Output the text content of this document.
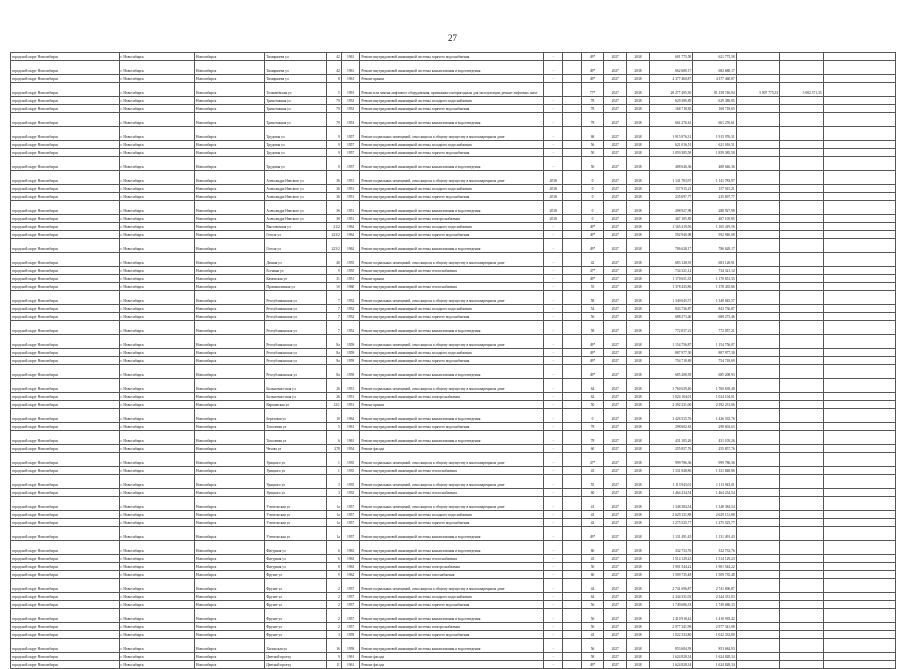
27
городской округ Новосибирск	г. Новосибирск	Новосибирск	Тимирязева ул	42	1961	Ремонт внутридомовой инженерной системы горячего водоснабжения	-		49*	2027	2038	601 775,58	621 775,58			
городской округ Новосибирск	г. Новосибирск	Новосибирск	Тимирязева ул	42	1961	Ремонт внутридомовой инженерной системы канализования и водоотведения	-		49*	2027	2038	662 680,17	682 680,17			
городской округ Новосибирск	г. Новосибирск	Новосибирск	Тимирязева ул	8	1961	Ремонт крыши	-		49*	2027	2038	4 377 460,87	4 377 460,87			
городской округ Новосибирск	г. Новосибирск	Новосибирск	Толмачёвская ул	5	1991	Ремонт или замена лифтового оборудования, признанного непригодным для эксплуатации, ремонт лифтовых шахт			77*	2027	2038	20 277 495,30	81 158 746,94	5 807 775,53	5 082 371,33	
городской округ Новосибирск	г. Новосибирск	Новосибирск	Трикотажная ул	79	1953	Ремонт внутридомовой инженерной системы холодного водоснабжения	-		78	2027	2038	629 380,85	629 380,85			
городской округ Новосибирск	г. Новосибирск	Новосибирск	Трикотажная ул	79	1953	Ремонт внутридомовой инженерной системы горячего водоснабжения	-		78	2027	2038	168 718,65	168 718,65			
городской округ Новосибирск	г. Новосибирск	Новосибирск	Трикотажная ул	79	1953	Ремонт внутридомовой инженерной системы канализования и водоотведения	-		78	2027	2038	661 276,61	661 276,61			
городской округ Новосибирск	г. Новосибирск	Новосибирск	Трудовая ул	9	1957	Ремонт подвальных помещений, относящихся к общему имуществу в многоквартирном доме	-		68	2027	2038	1 915 976,31	1 915 976,31			
городской округ Новосибирск	г. Новосибирск	Новосибирск	Трудовая ул	9	1957	Ремонт внутридомовой инженерной системы холодного водоснабжения	-		56	2027	2038	621 016,51	621 016,51			
городской округ Новосибирск	г. Новосибирск	Новосибирск	Трудовая ул	9	1957	Ремонт внутридомовой инженерной системы горячего водоснабжения	-		50	2027	2038	1 859 385,58	1 859 385,58			
городской округ Новосибирск	г. Новосибирск	Новосибирск	Трудовая ул	9	1957	Ремонт внутридомовой инженерной системы канализования и водоотведения	-		50	2027	2038	488 646,36	488 646,36			
городской округ Новосибирск	г. Новосибирск	Новосибирск	Александра Невского ул	36	1951	Ремонт подвальных помещений, относящихся к общему имуществу в многоквартирном доме	2018		0	2027	2038	1 141 783,97	1 141 783,97			
городской округ Новосибирск	г. Новосибирск	Новосибирск	Александра Невского ул	36	1951	Ремонт внутридомовой инженерной системы холодного водоснабжения	2018		0	2027	2038	157 915,21	157 915,21			
городской округ Новосибирск	г. Новосибирск	Новосибирск	Александра Невского ул	36	1951	Ремонт внутридомовой инженерной системы горячего водоснабжения	2018		0	2027	2038	235 697,77	235 697,77			
городской округ Новосибирск	г. Новосибирск	Новосибирск	Александра Невского ул	36	1951	Ремонт внутридомовой инженерной системы канализования и водоотведения	2018		0	2027	2038	288 927,98	288 927,98			
городской округ Новосибирск	г. Новосибирск	Новосибирск	Александра Невского ул	38	1951	Ремонт внутридомовой инженерной системы электроснабжения	2018		0	2027	2038	467 105,85	467 105,85			
городской округ Новосибирск	г. Новосибирск	Новосибирск	Выставочная ул	21/2	1962	Ремонт внутридомовой инженерной системы холодного водоснабжения	-		49*	2027	2038	1 165 419,56	1 165 419,56			
городской округ Новосибирск	г. Новосибирск	Новосибирск	Гоголя ул	223/2	1962	Ремонт внутридомовой инженерной системы горячего водоснабжения	-		49*	2027	2038	592 940,08	592 940,08			
городской округ Новосибирск	г. Новосибирск	Новосибирск	Гоголя ул	223/2	1962	Ремонт внутридомовой инженерной системы канализования и водоотведения	-		49*	2027	2038	786 628,17	786 628,17			
городской округ Новосибирск	г. Новосибирск	Новосибирск	Дачная ул	40	1955	Ремонт подвальных помещений, относящихся к общему имуществу в многоквартирном доме	-		42	2027	2038	683 128,91	683 128,91			
городской округ Новосибирск	г. Новосибирск	Новосибирск	Есенина ул	9	1955	Ремонт внутридомовой инженерной системы теплоснабжения	-		47*	2027	2038	734 321,12	734 321,12			
городской округ Новосибирск	г. Новосибирск	Новосибирск	Каменская ул	31	1951	Ремонт крыши	-		49*	2027	2038	1 170 651,35	1 170 651,35			
городской округ Новосибирск	г. Новосибирск	Новосибирск	Промышленная ул	1б	1960	Ремонт внутридомовой инженерной системы теплоснабжения	-		55	2027	2038	1 378 435,86	1 378 435,86			
городской округ Новосибирск	г. Новосибирск	Новосибирск	Республиканская ул	7	1952	Ремонт подвальных помещений, относящихся к общему имуществу в многоквартирном доме	-		58	2027	2038	1 340 045,57	1 340 045,57			
городской округ Новосибирск	г. Новосибирск	Новосибирск	Республиканская ул	7	1952	Ремонт внутридомовой инженерной системы холодного водоснабжения	-		54	2027	2038	843 736,87	843 736,87			
городской округ Новосибирск	г. Новосибирск	Новосибирск	Республиканская ул	7	1952	Ремонт внутридомовой инженерной системы горячего водоснабжения	-		56	2027	2038	688 273,46	688 273,46			
городской округ Новосибирск	г. Новосибирск	Новосибирск	Республиканская ул	7	1952	Ремонт внутридомовой инженерной системы канализования и водоотведения	-		58	2027	2038	772 057,21	772 057,21			
городской округ Новосибирск	г. Новосибирск	Новосибирск	Республиканская ул	8а	1959	Ремонт подвальных помещений, относящихся к общему имуществу в многоквартирном доме	-		49*	2027	2038	1 154 756,87	1 154 756,87			
городской округ Новосибирск	г. Новосибирск	Новосибирск	Республиканская ул	8а	1959	Ремонт внутридомовой инженерной системы холодного водоснабжения	-		49*	2027	2038	887 977,30	887 977,30			
городской округ Новосибирск	г. Новосибирск	Новосибирск	Республиканская ул	8а	1959	Ремонт внутридомовой инженерной системы горячего водоснабжения	-		49*	2027	2038	754 718,69	754 718,69			
городской округ Новосибирск	г. Новосибирск	Новосибирск	Республиканская ул	8а	1959	Ремонт внутридомовой инженерной системы канализования и водоотведения	-		49*	2027	2038	685 208,93	685 208,93			
городской округ Новосибирск	г. Новосибирск	Новосибирск	Большевистская ул	26	1951	Ремонт подвальных помещений, относящихся к общему имуществу в многоквартирном доме	-		64	2027	2038	1 760 639,40	1 760 639,40			
городской округ Новосибирск	г. Новосибирск	Новосибирск	Большевистская ул	26	1951	Ремонт внутридомовой инженерной системы электроснабжения	-		62	2027	2038	1 024 104,01	1 024 104,01			
городской округ Новосибирск	г. Новосибирск	Новосибирск	Варшавская ул	12/1	1951	Ремонт крыши	-		50	2027	2038	2 392 231,06	2 392 231,06			
городской округ Новосибирск	г. Новосибирск	Новосибирск	Березовая ул	10	1962	Ремонт внутридомовой инженерной системы канализования и водоотведения	-		0	2027	2038	1 426 535,76	1 426 535,76			
городской округ Новосибирск	г. Новосибирск	Новосибирск	Тополевая ул	5	1961	Ремонт внутридомовой инженерной системы горячего водоснабжения	-		78	2027	2038	298 602,63	298 602,63			
городской округ Новосибирск	г. Новосибирск	Новосибирск	Тополевая ул	6	1961	Ремонт внутридомовой инженерной системы канализования и водоотведения	-		78	2027	2038	431 105,26	431 105,26			
городской округ Новосибирск	г. Новосибирск	Новосибирск	Чехова ул	278	1954	Ремонт фасада	-		60	2027	2038	255 857,76	255 857,76			
городской округ Новосибирск	г. Новосибирск	Новосибирск	Урицкого ул	1	1935	Ремонт подвальных помещений, относящихся к общему имуществу в многоквартирном доме	-		47*	2027	2038	999 786,36	999 786,36			
городской округ Новосибирск	г. Новосибирск	Новосибирск	Урицкого ул	1	1935	Ремонт внутридомовой инженерной системы теплоснабжения	-		43	2027	2038	1 331 848,86	1 331 848,86			
городской округ Новосибирск	г. Новосибирск	Новосибирск	Урицкого ул	3	1935	Ремонт подвальных помещений, относящихся к общему имуществу в многоквартирном доме	-		55	2027	2038	1 113 943,01	1 113 943,01			
городской округ Новосибирск	г. Новосибирск	Новосибирск	Урицкого ул	3	1935	Ремонт внутридомовой инженерной системы теплоснабжения	-		60	2027	2038	1 464 234,54	1 464 234,54			
городской округ Новосибирск	г. Новосибирск	Новосибирск	Учительская ул	1а	1957	Ремонт подвальных помещений, относящихся к общему имуществу в многоквартирном доме	-		41	2027	2038	1 348 384,54	1 348 384,54			
городской округ Новосибирск	г. Новосибирск	Новосибирск	Учительская ул	1а	1957	Ремонт внутридомовой инженерной системы холодного водоснабжения	-		43	2027	2038	2 629 131,88	2 629 131,88			
городской округ Новосибирск	г. Новосибирск	Новосибирск	Учительская ул	1а	1957	Ремонт внутридомовой инженерной системы горячего водоснабжения	-		42	2027	2038	1 275 525,77	1 275 525,77			
городской округ Новосибирск	г. Новосибирск	Новосибирск	Учительская ул	1а	1957	Ремонт внутридомовой инженерной системы канализования и водоотведения	-		49*	2027	2038	1 131 491,43	1 131 491,43			
городской округ Новосибирск	г. Новосибирск	Новосибирск	Фигурная ул	6	1963	Ремонт внутридомовой инженерной системы канализования и водоотведения	-		60	2027	2038	332 733,76	332 733,76			
городской округ Новосибирск	г. Новосибирск	Новосибирск	Фигурная ул	6	1963	Ремонт внутридомовой инженерной системы теплоснабжения	-		43	2027	2038	1 514 129,23	1 514 129,23			
городской округ Новосибирск	г. Новосибирск	Новосибирск	Фигурная ул	8	1963	Ремонт внутридомовой инженерной системы электроснабжения	-		50	2027	2038	1 901 544,22	1 901 544,22			
городской округ Новосибирск	г. Новосибирск	Новосибирск	Фрунзе ул	9	1962	Ремонт внутридомовой инженерной системы газоснабжения	-		60	2027	2038	1 509 735,48	1 509 735,48			
городской округ Новосибирск	г. Новосибирск	Новосибирск	Фрунзе ул	2	1957	Ремонт подвальных помещений, относящихся к общему имуществу в многоквартирном доме	-		44	2027	2038	2 741 696,87	2 741 696,87			
городской округ Новосибирск	г. Новосибирск	Новосибирск	Фрунзе ул	2	1957	Ремонт внутридомовой инженерной системы холодного водоснабжения	-		64	2027	2038	2 344 331,03	2 344 331,03			
городской округ Новосибирск	г. Новосибирск	Новосибирск	Фрунзе ул	2	1957	Ремонт внутридомовой инженерной системы горячего водоснабжения	-		56	2027	2038	1 749 686,33	1 749 686,33			
городской округ Новосибирск	г. Новосибирск	Новосибирск	Фрунзе ул	2	1957	Ремонт внутридомовой инженерной системы канализования и водоотведения	-		56	2027	2038	1 410 918,42	1 410 918,42			
городской округ Новосибирск	г. Новосибирск	Новосибирск	Фрунзе ул	2	1957	Ремонт внутридомовой инженерной системы электроснабжения	-		50	2027	2038	2 977 341,98	2 977 341,98			
городской округ Новосибирск	г. Новосибирск	Новосибирск	Фрунзе ул	3	1959	Ремонт внутридомовой инженерной системы горячего водоснабжения	-		43	2027	2038	1 022 333,80	1 022 333,80			
городской округ Новосибирск	г. Новосибирск	Новосибирск	Хилокская ул	16	1959	Ремонт внутридомовой инженерной системы канализования и водоотведения	-		56	2027	2038	853 684,93	853 684,93			
городской округ Новосибирск	г. Новосибирск	Новосибирск	Цветной проезд	9	1961	Ремонт фасада	-		58	2027	2038	1 624 828,34	1 624 828,34			
городской округ Новосибирск	г. Новосибирск	Новосибирск	Цветной проезд	11	1961	Ремонт фасада	-		49*	2027	2038	1 624 828,34	1 624 828,34			
